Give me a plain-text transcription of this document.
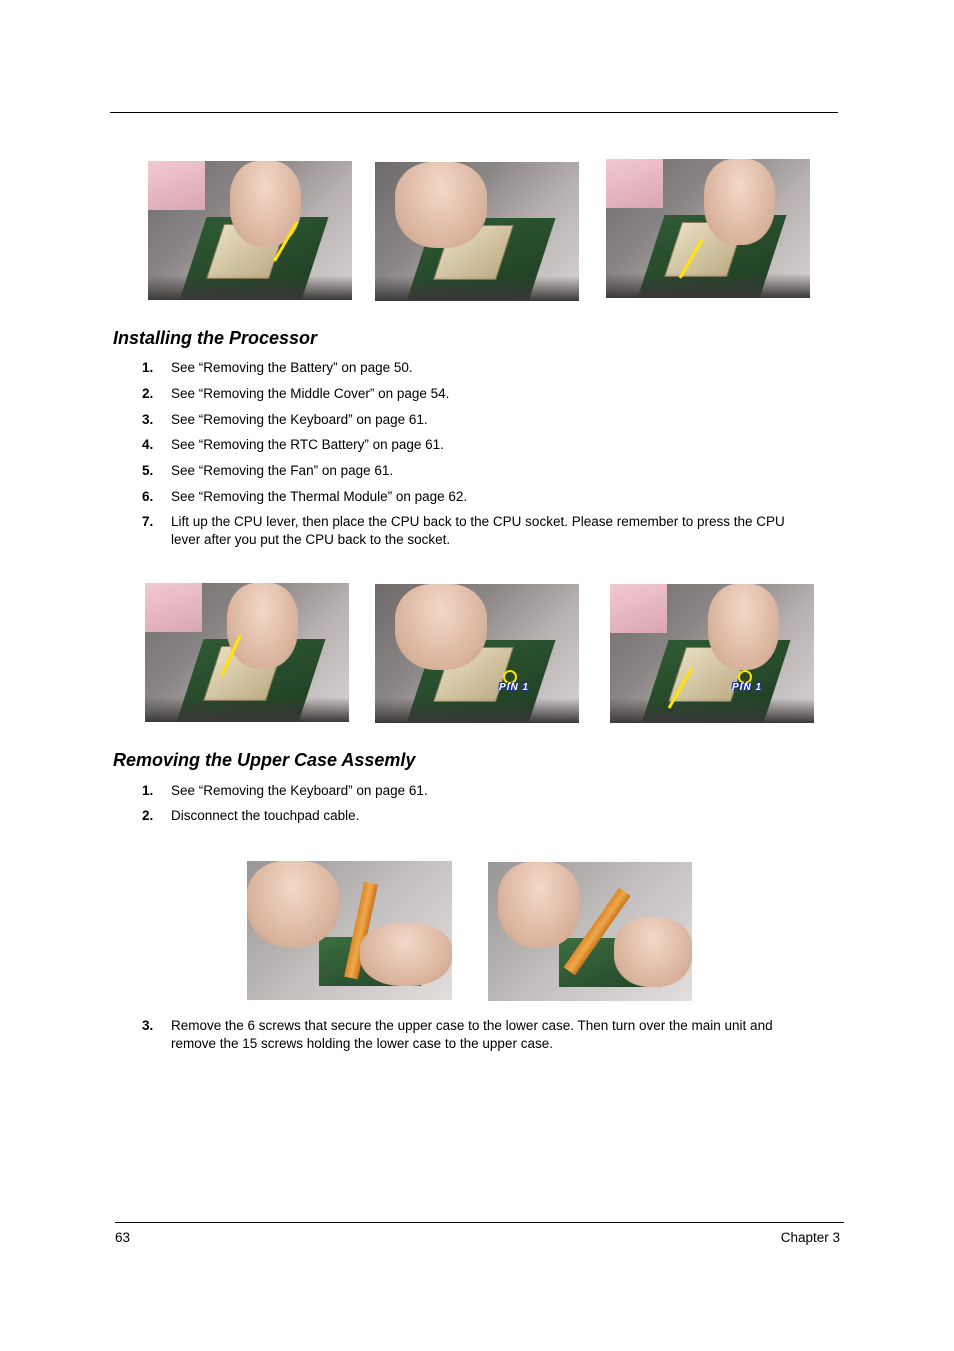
Installing the Processor
1. See “Removing the Battery” on page 50.
2. See “Removing the Middle Cover” on page 54.
3. See “Removing the Keyboard” on page 61.
4. See “Removing the RTC Battery” on page 61.
5. See “Removing the Fan” on page 61.
6. See “Removing the Thermal Module” on page 62.
7. Lift up the CPU lever, then place the CPU back to the CPU socket. Please remember to press the CPU
lever after you put the CPU back to the socket.
PIN 1	PIN 1
Removing the Upper Case Assemly
1. See “Removing the Keyboard” on page 61.
2. Disconnect the touchpad cable.
3. Remove the 6 screws that secure the upper case to the lower case. Then turn over the main unit and
remove the 15 screws holding the lower case to the upper case.
63	Chapter 3
